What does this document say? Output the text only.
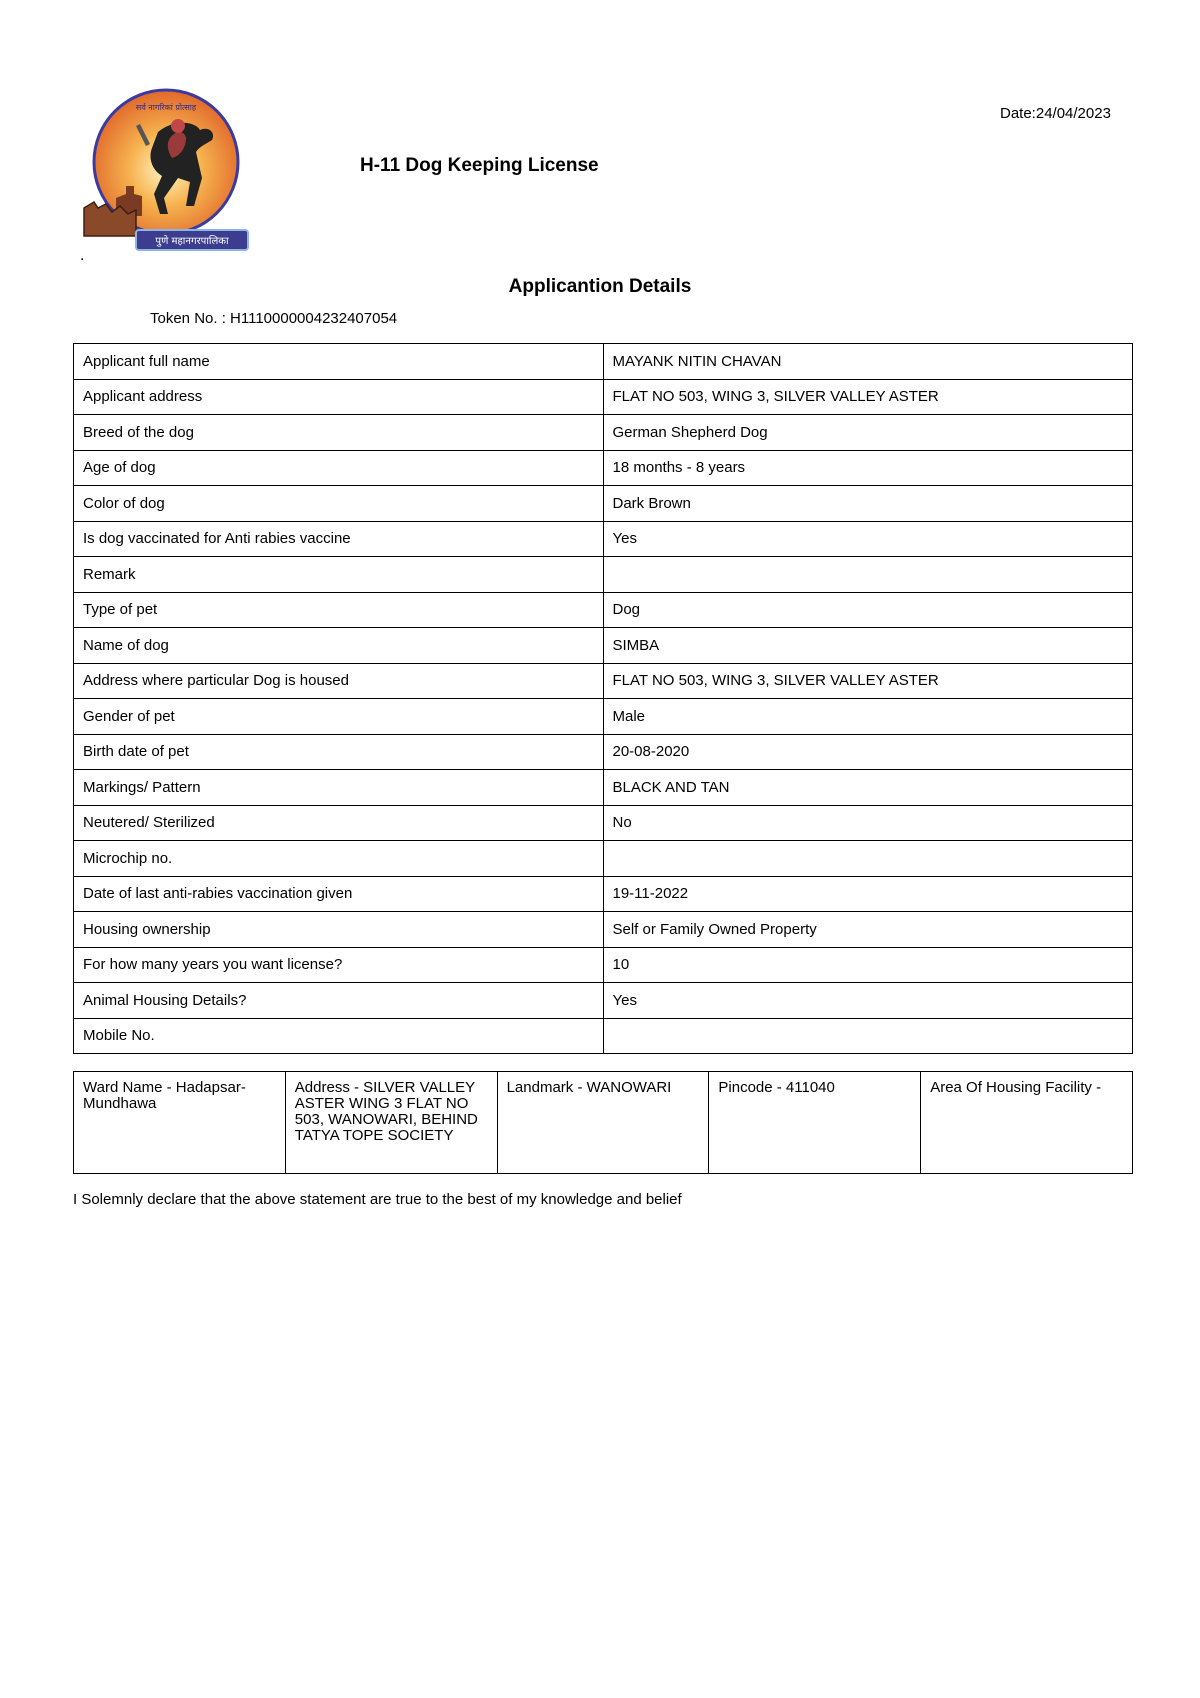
पुणे महानगरपालिका
सर्व नागरिकां प्रोत्साह
.
Date:24/04/2023
H-11 Dog Keeping License
Applicantion Details
Token No. : H1110000004232407054
Applicant full name	MAYANK NITIN CHAVAN
Applicant address	FLAT NO 503, WING 3, SILVER VALLEY ASTER
Breed of the dog	German Shepherd Dog
Age of dog	18 months - 8 years
Color of dog	Dark Brown
Is dog vaccinated for Anti rabies vaccine	Yes
Remark	
Type of pet	Dog
Name of dog	SIMBA
Address where particular Dog is housed	FLAT NO 503, WING 3, SILVER VALLEY ASTER
Gender of pet	Male
Birth date of pet	20-08-2020
Markings/ Pattern	BLACK AND TAN
Neutered/ Sterilized	No
Microchip no.	
Date of last anti-rabies vaccination given	19-11-2022
Housing ownership	Self or Family Owned Property
For how many years you want license?	10
Animal Housing Details?	Yes
Mobile No.	
Ward Name - Hadapsar-Mundhawa	Address - SILVER VALLEY ASTER WING 3 FLAT NO 503, WANOWARI, BEHIND TATYA TOPE SOCIETY	Landmark - WANOWARI	Pincode - 411040	Area Of Housing Facility -
I Solemnly declare that the above statement are true to the best of my knowledge and belief
